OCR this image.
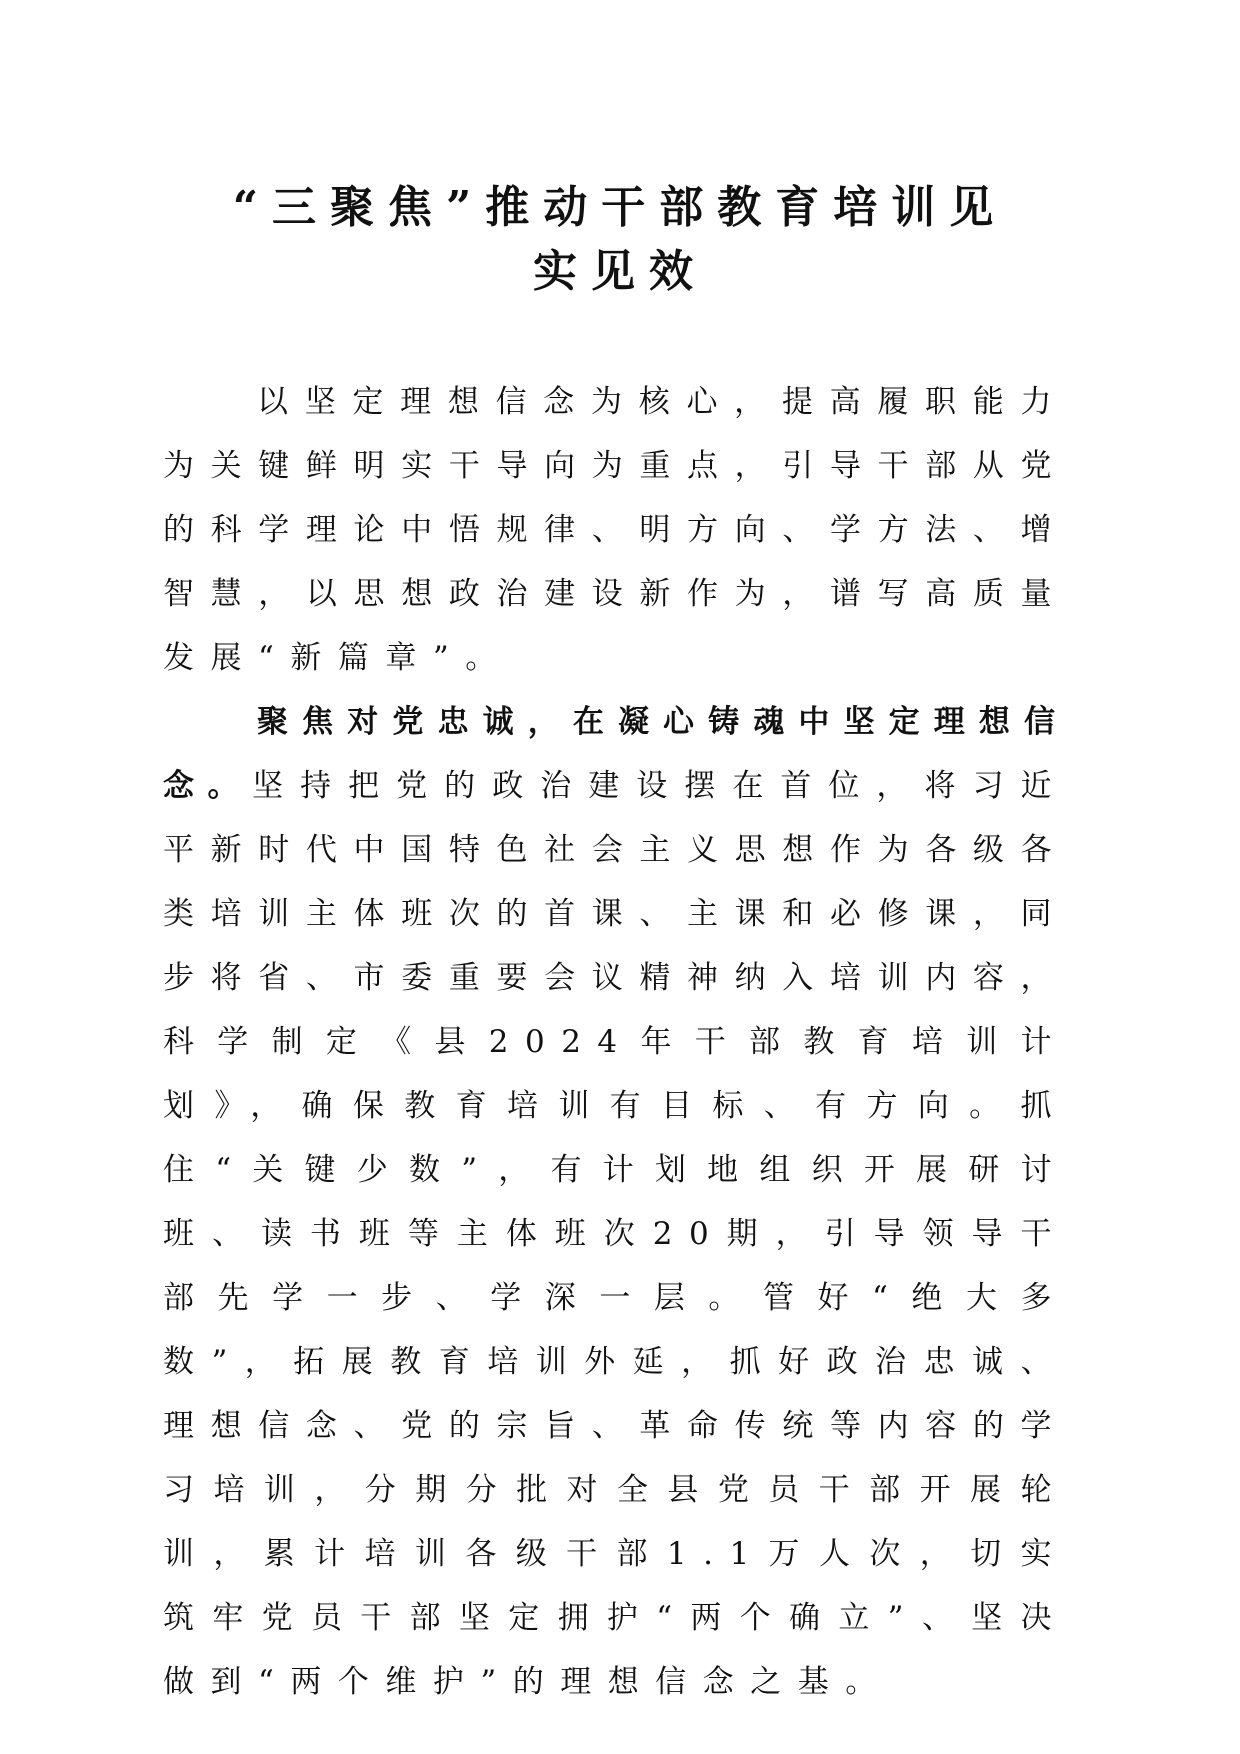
“三聚焦”推动干部教育培训见
实见效

以坚定理想信念为核心，提高履职能力为关键鲜明实干导向为重点，引导干部从党的科学理论中悟规律、明方向、学方法、增智慧，以思想政治建设新作为，谱写高质量发展“新篇章”。

聚焦对党忠诚，在凝心铸魂中坚定理想信念。坚持把党的政治建设摆在首位，将习近平新时代中国特色社会主义思想作为各级各类培训主体班次的首课、主课和必修课，同步将省、市委重要会议精神纳入培训内容，科学制定《县2024年干部教育培训计划》，确保教育培训有目标、有方向。抓住“关键少数”，有计划地组织开展研讨班、读书班等主体班次20期，引导领导干部先学一步、学深一层。管好“绝大多数”，拓展教育培训外延，抓好政治忠诚、理想信念、党的宗旨、革命传统等内容的学习培训，分期分批对全县党员干部开展轮训，累计培训各级干部1.1万人次，切实筑牢党员干部坚定拥护“两个确立”、坚决做到“两个维护”的理想信念之基。
